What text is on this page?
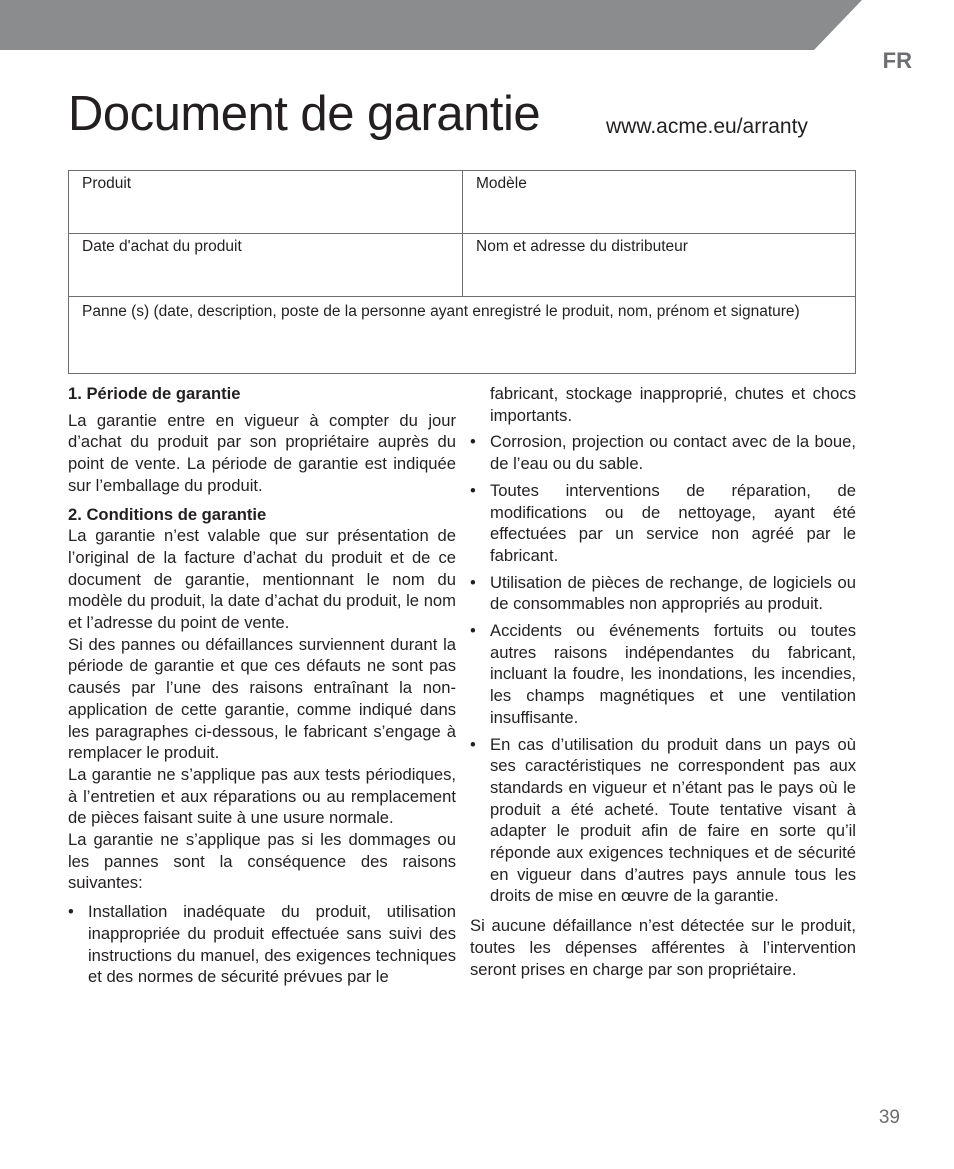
FR
Document de garantie	www.acme.eu/arranty
Produit	Modèle
Date d'achat du produit	Nom et adresse du distributeur
Panne (s) (date, description, poste de la personne ayant enregistré le produit, nom, prénom et signature)	
1. Période de garantie

La garantie entre en vigueur à compter du jour d’achat du produit par son propriétaire auprès du point de vente. La période de garantie est indiquée sur l’emballage du produit.

2. Conditions de garantie

La garantie n’est valable que sur présentation de l’original de la facture d’achat du produit et de ce document de garantie, mentionnant le nom du modèle du produit, la date d’achat du produit, le nom et l’adresse du point de vente.

Si des pannes ou défaillances surviennent durant la période de garantie et que ces défauts ne sont pas causés par l’une des raisons entraînant la non-application de cette garantie, comme indiqué dans les paragraphes ci-dessous, le fabricant s’engage à remplacer le produit.

La garantie ne s’applique pas aux tests périodiques, à l’entretien et aux réparations ou au remplacement de pièces faisant suite à une usure normale.

La garantie ne s’applique pas si les dommages ou les pannes sont la conséquence des raisons suivantes:

• Installation inadéquate du produit, utilisation inappropriée du produit effectuée sans suivi des instructions du manuel, des exigences techniques et des normes de sécurité prévues par le

fabricant, stockage inapproprié, chutes et chocs importants.

• Corrosion, projection ou contact avec de la boue, de l’eau ou du sable.
• Toutes interventions de réparation, de modifications ou de nettoyage, ayant été effectuées par un service non agréé par le fabricant.
• Utilisation de pièces de rechange, de logiciels ou de consommables non appropriés au produit.
• Accidents ou événements fortuits ou toutes autres raisons indépendantes du fabricant, incluant la foudre, les inondations, les incendies, les champs magnétiques et une ventilation insuffisante.
• En cas d’utilisation du produit dans un pays où ses caractéristiques ne correspondent pas aux standards en vigueur et n’étant pas le pays où le produit a été acheté. Toute tentative visant à adapter le produit afin de faire en sorte qu’il réponde aux exigences techniques et de sécurité en vigueur dans d’autres pays annule tous les droits de mise en œuvre de la garantie.

Si aucune défaillance n’est détectée sur le produit, toutes les dépenses afférentes à l’intervention seront prises en charge par son propriétaire.

39
